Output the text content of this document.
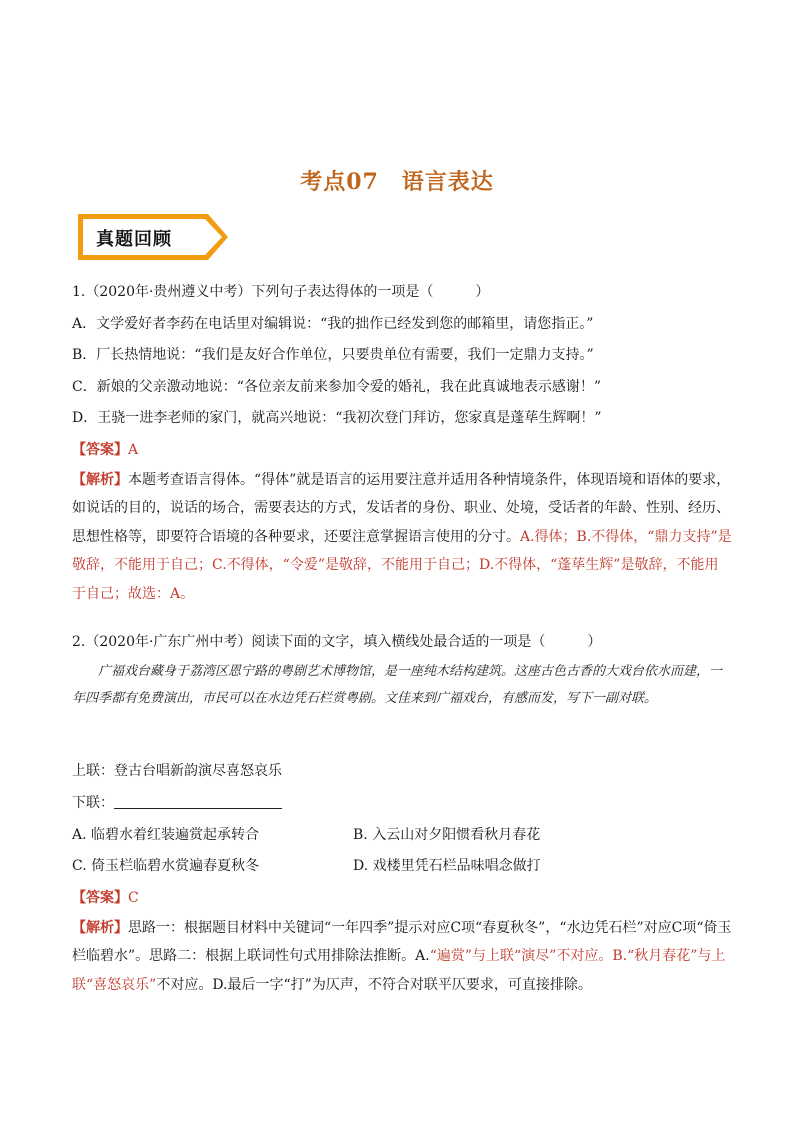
考点07　语言表达
真题回顾
1.（2020年·贵州遵义中考）下列句子表达得体的一项是（　　　）
A．文学爱好者李药在电话里对编辑说：“我的拙作已经发到您的邮箱里，请您指正。”
B．厂长热情地说：“我们是友好合作单位，只要贵单位有需要，我们一定鼎力支持。”
C．新娘的父亲激动地说：“各位亲友前来参加令爱的婚礼，我在此真诚地表示感谢！”
D．王骁一进李老师的家门，就高兴地说：“我初次登门拜访，您家真是蓬荜生辉啊！”
【答案】A
【解析】本题考查语言得体。“得体”就是语言的运用要注意并适用各种情境条件，体现语境和语体的要求，如说话的目的，说话的场合，需要表达的方式，发话者的身份、职业、处境，受话者的年龄、性别、经历、思想性格等，即要符合语境的各种要求，还要注意掌握语言使用的分寸。A.得体；B.不得体，“鼎力支持”是敬辞，不能用于自己；C.不得体，“令爱”是敬辞，不能用于自己；D.不得体，“蓬荜生辉”是敬辞，不能用于自己；故选：A。
2.（2020年·广东广州中考）阅读下面的文字，填入横线处最合适的一项是（　　　）
广福戏台藏身于荔湾区恩宁路的粤剧艺术博物馆，是一座纯木结构建筑。这座古色古香的大戏台依水而建，一年四季都有免费演出，市民可以在水边凭石栏赏粤剧。文佳来到广福戏台，有感而发，写下一副对联。
上联：登古台唱新韵演尽喜怒哀乐
下联：
A. 临碧水着红装遍赏起承转合	B. 入云山对夕阳惯看秋月春花
C. 倚玉栏临碧水赏遍春夏秋冬	D. 戏楼里凭石栏品味唱念做打
【答案】C
【解析】思路一：根据题目材料中关键词“一年四季”提示对应C项“春夏秋冬”，“水边凭石栏”对应C项“倚玉栏临碧水”。思路二：根据上联词性句式用排除法推断。A.“遍赏”与上联“演尽”不对应。B.“秋月春花”与上联“喜怒哀乐”不对应。D.最后一字“打”为仄声，不符合对联平仄要求，可直接排除。
